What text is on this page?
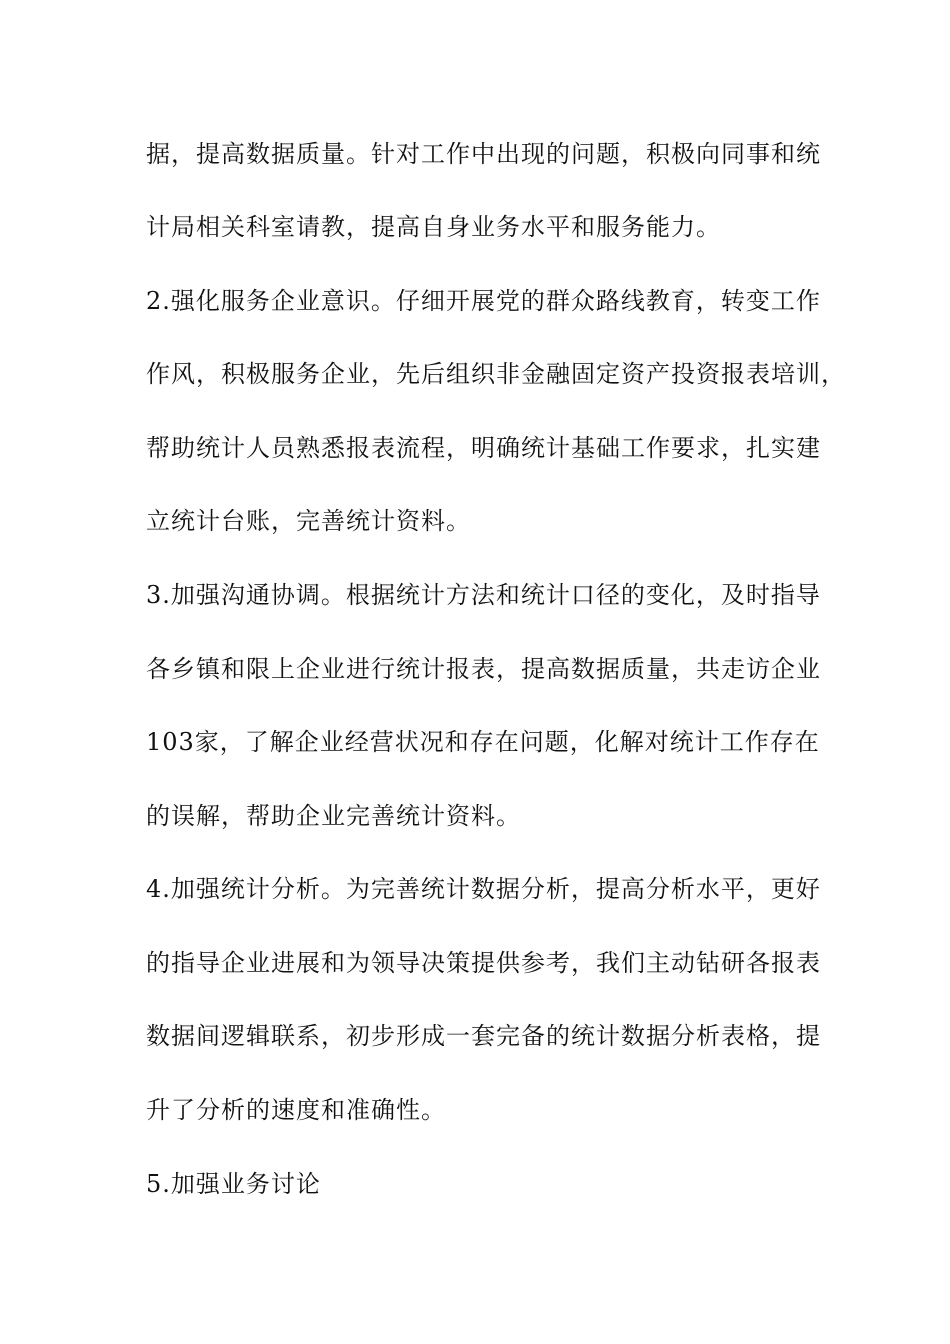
据，提高数据质量。针对工作中出现的问题，积极向同事和统
计局相关科室请教，提高自身业务水平和服务能力。
2.强化服务企业意识。仔细开展党的群众路线教育，转变工作
作风，积极服务企业，先后组织非金融固定资产投资报表培训，
帮助统计人员熟悉报表流程，明确统计基础工作要求，扎实建
立统计台账，完善统计资料。
3.加强沟通协调。根据统计方法和统计口径的变化，及时指导
各乡镇和限上企业进行统计报表，提高数据质量，共走访企业
103家，了解企业经营状况和存在问题，化解对统计工作存在
的误解，帮助企业完善统计资料。
4.加强统计分析。为完善统计数据分析，提高分析水平，更好
的指导企业进展和为领导决策提供参考，我们主动钻研各报表
数据间逻辑联系，初步形成一套完备的统计数据分析表格，提
升了分析的速度和准确性。
5.加强业务讨论
